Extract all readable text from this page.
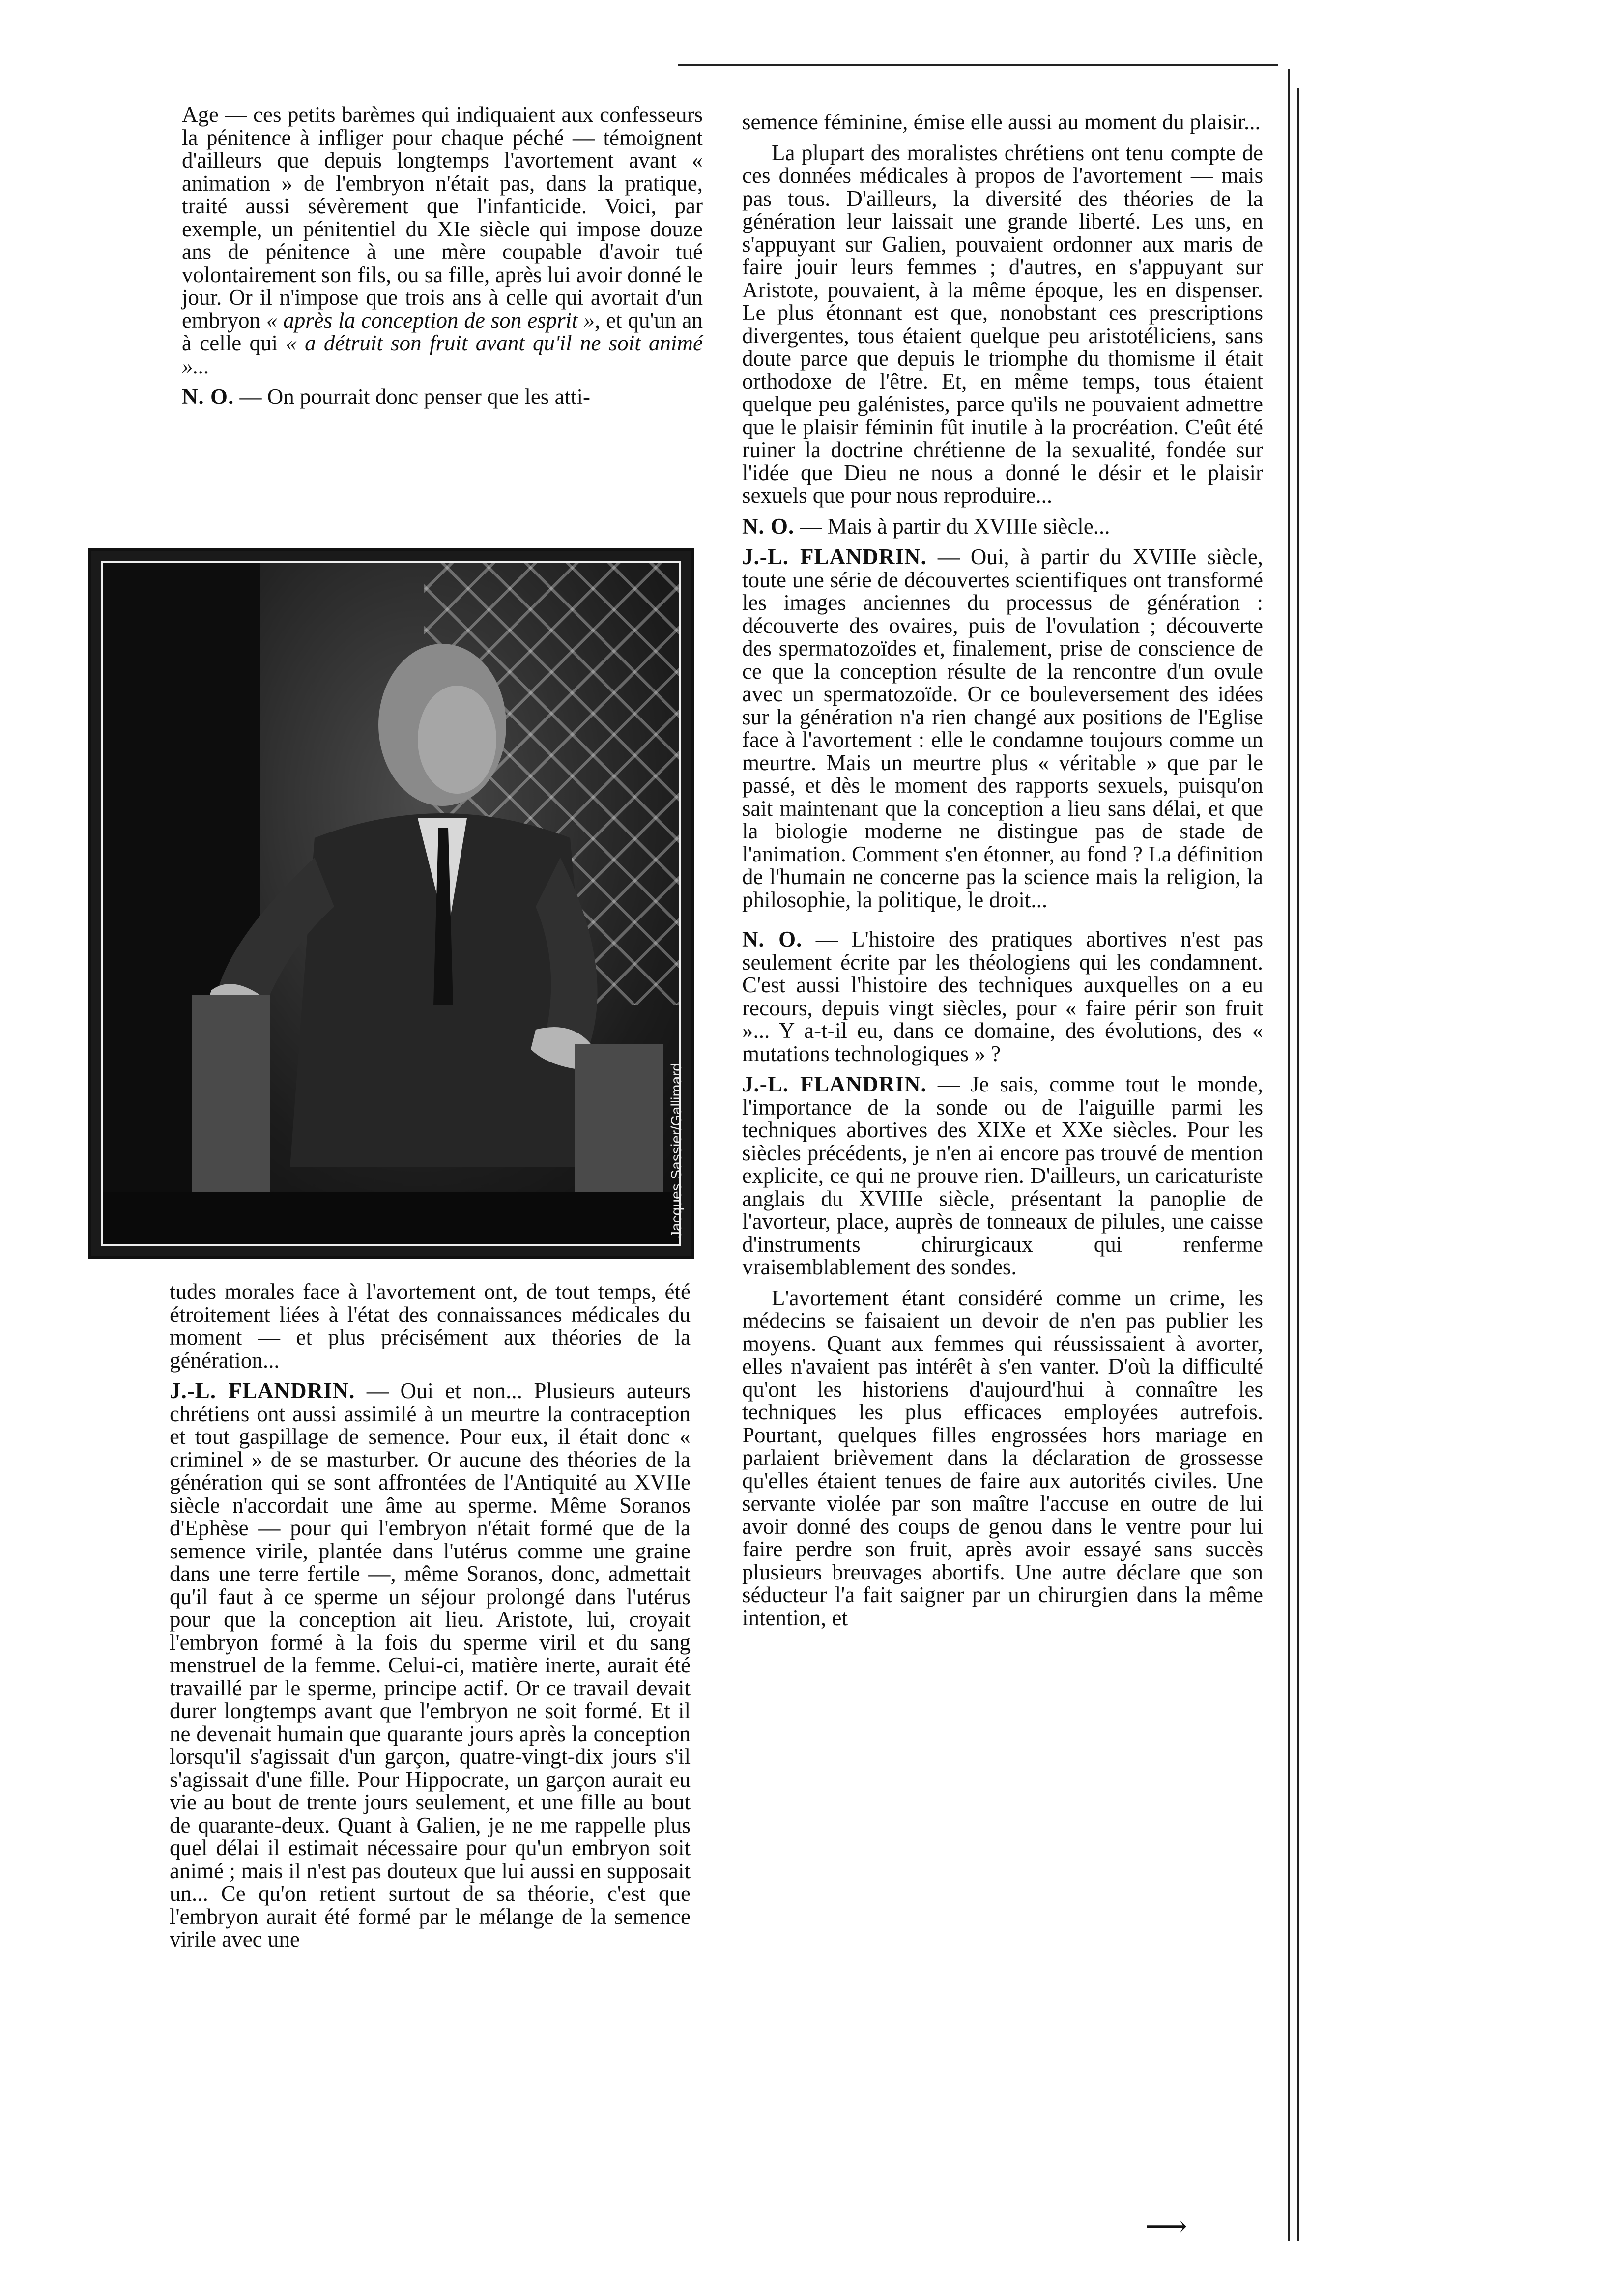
Age — ces petits barèmes qui indiquaient aux confesseurs la pénitence à infliger pour chaque péché — témoignent d'ailleurs que depuis longtemps l'avortement avant « animation » de l'embryon n'était pas, dans la pratique, traité aussi sévèrement que l'infanticide. Voici, par exemple, un pénitentiel du XIe siècle qui impose douze ans de pénitence à une mère coupable d'avoir tué volontairement son fils, ou sa fille, après lui avoir donné le jour. Or il n'impose que trois ans à celle qui avortait d'un embryon « après la conception de son esprit », et qu'un an à celle qui « a détruit son fruit avant qu'il ne soit animé »...

N. O. — On pourrait donc penser que les atti-

Jacques Sassier/Gallimard

tudes morales face à l'avortement ont, de tout temps, été étroitement liées à l'état des connaissances médicales du moment — et plus précisément aux théories de la génération...

J.-L. FLANDRIN. — Oui et non... Plusieurs auteurs chrétiens ont aussi assimilé à un meurtre la contraception et tout gaspillage de semence. Pour eux, il était donc « criminel » de se masturber. Or aucune des théories de la génération qui se sont affrontées de l'Antiquité au XVIIe siècle n'accordait une âme au sperme. Même Soranos d'Ephèse — pour qui l'embryon n'était formé que de la semence virile, plantée dans l'utérus comme une graine dans une terre fertile —, même Soranos, donc, admettait qu'il faut à ce sperme un séjour prolongé dans l'utérus pour que la conception ait lieu. Aristote, lui, croyait l'embryon formé à la fois du sperme viril et du sang menstruel de la femme. Celui-ci, matière inerte, aurait été travaillé par le sperme, principe actif. Or ce travail devait durer longtemps avant que l'embryon ne soit formé. Et il ne devenait humain que quarante jours après la conception lorsqu'il s'agissait d'un garçon, quatre-vingt-dix jours s'il s'agissait d'une fille. Pour Hippocrate, un garçon aurait eu vie au bout de trente jours seulement, et une fille au bout de quarante-deux. Quant à Galien, je ne me rappelle plus quel délai il estimait nécessaire pour qu'un embryon soit animé ; mais il n'est pas douteux que lui aussi en supposait un... Ce qu'on retient surtout de sa théorie, c'est que l'embryon aurait été formé par le mélange de la semence virile avec une

semence féminine, émise elle aussi au moment du plaisir...

La plupart des moralistes chrétiens ont tenu compte de ces données médicales à propos de l'avortement — mais pas tous. D'ailleurs, la diversité des théories de la génération leur laissait une grande liberté. Les uns, en s'appuyant sur Galien, pouvaient ordonner aux maris de faire jouir leurs femmes ; d'autres, en s'appuyant sur Aristote, pouvaient, à la même époque, les en dispenser. Le plus étonnant est que, nonobstant ces prescriptions divergentes, tous étaient quelque peu aristotéliciens, sans doute parce que depuis le triomphe du thomisme il était orthodoxe de l'être. Et, en même temps, tous étaient quelque peu galénistes, parce qu'ils ne pouvaient admettre que le plaisir féminin fût inutile à la procréation. C'eût été ruiner la doctrine chrétienne de la sexualité, fondée sur l'idée que Dieu ne nous a donné le désir et le plaisir sexuels que pour nous reproduire...

N. O. — Mais à partir du XVIIIe siècle...

J.-L. FLANDRIN. — Oui, à partir du XVIIIe siècle, toute une série de découvertes scientifiques ont transformé les images anciennes du processus de génération : découverte des ovaires, puis de l'ovulation ; découverte des spermatozoïdes et, finalement, prise de conscience de ce que la conception résulte de la rencontre d'un ovule avec un spermatozoïde. Or ce bouleversement des idées sur la génération n'a rien changé aux positions de l'Eglise face à l'avortement : elle le condamne toujours comme un meurtre. Mais un meurtre plus « véritable » que par le passé, et dès le moment des rapports sexuels, puisqu'on sait maintenant que la conception a lieu sans délai, et que la biologie moderne ne distingue pas de stade de l'animation. Comment s'en étonner, au fond ? La définition de l'humain ne concerne pas la science mais la religion, la philosophie, la politique, le droit...

N. O. — L'histoire des pratiques abortives n'est pas seulement écrite par les théologiens qui les condamnent. C'est aussi l'histoire des techniques auxquelles on a eu recours, depuis vingt siècles, pour « faire périr son fruit »... Y a-t-il eu, dans ce domaine, des évolutions, des « mutations technologiques » ?

J.-L. FLANDRIN. — Je sais, comme tout le monde, l'importance de la sonde ou de l'aiguille parmi les techniques abortives des XIXe et XXe siècles. Pour les siècles précédents, je n'en ai encore pas trouvé de mention explicite, ce qui ne prouve rien. D'ailleurs, un caricaturiste anglais du XVIIIe siècle, présentant la panoplie de l'avorteur, place, auprès de tonneaux de pilules, une caisse d'instruments chirurgicaux qui renferme vraisemblablement des sondes.

L'avortement étant considéré comme un crime, les médecins se faisaient un devoir de n'en pas publier les moyens. Quant aux femmes qui réussissaient à avorter, elles n'avaient pas intérêt à s'en vanter. D'où la difficulté qu'ont les historiens d'aujourd'hui à connaître les techniques les plus efficaces employées autrefois. Pourtant, quelques filles engrossées hors mariage en parlaient brièvement dans la déclaration de grossesse qu'elles étaient tenues de faire aux autorités civiles. Une servante violée par son maître l'accuse en outre de lui avoir donné des coups de genou dans le ventre pour lui faire perdre son fruit, après avoir essayé sans succès plusieurs breuvages abortifs. Une autre déclare que son séducteur l'a fait saigner par un chirurgien dans la même intention, et

⟶
